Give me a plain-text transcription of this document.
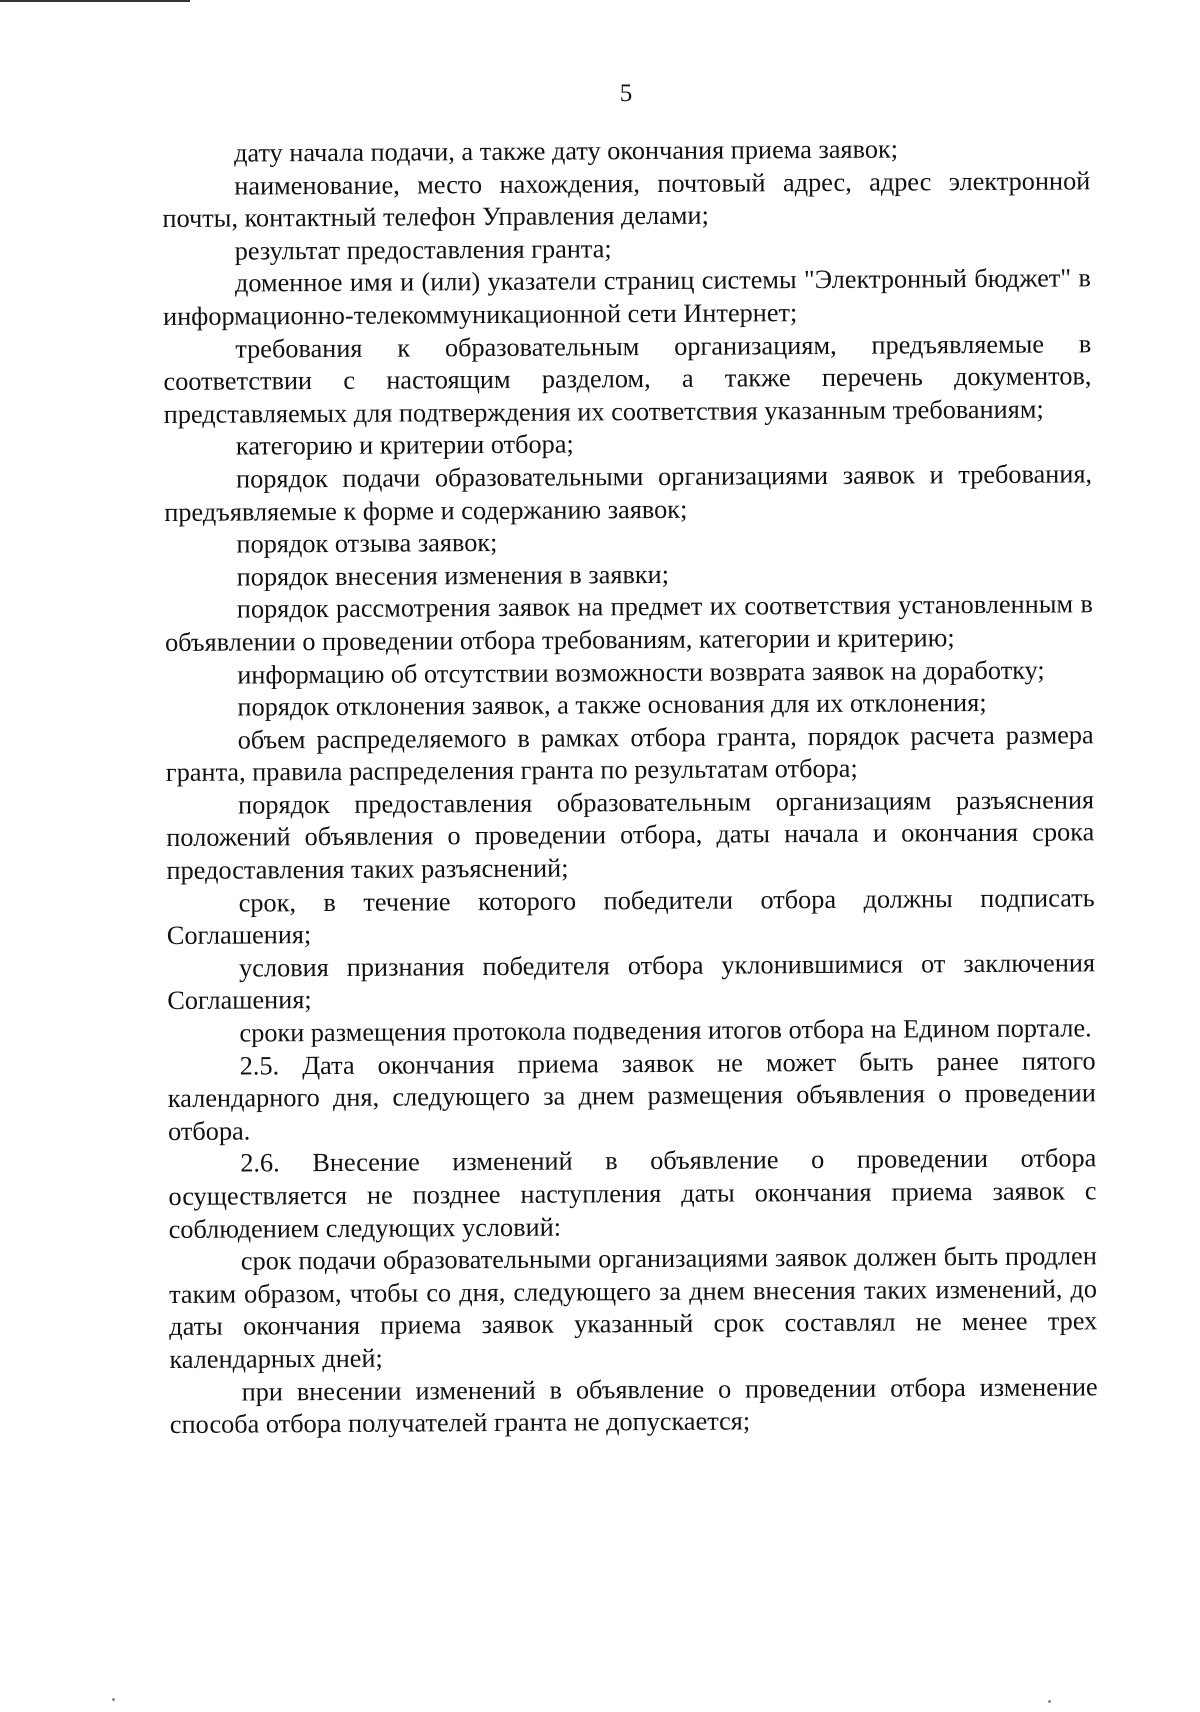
5

дату начала подачи, а также дату окончания приема заявок;

наименование, место нахождения, почтовый адрес, адрес электронной почты, контактный телефон Управления делами;

результат предоставления гранта;

доменное имя и (или) указатели страниц системы "Электронный бюджет" в информационно-телекоммуникационной сети Интернет;

требования к образовательным организациям, предъявляемые в соответствии с настоящим разделом, а также перечень документов, представляемых для подтверждения их соответствия указанным требованиям;

категорию и критерии отбора;

порядок подачи образовательными организациями заявок и требования, предъявляемые к форме и содержанию заявок;

порядок отзыва заявок;

порядок внесения изменения в заявки;

порядок рассмотрения заявок на предмет их соответствия установленным в объявлении о проведении отбора требованиям, категории и критерию;

информацию об отсутствии возможности возврата заявок на доработку;

порядок отклонения заявок, а также основания для их отклонения;

объем распределяемого в рамках отбора гранта, порядок расчета размера гранта, правила распределения гранта по результатам отбора;

порядок предоставления образовательным организациям разъяснения положений объявления о проведении отбора, даты начала и окончания срока предоставления таких разъяснений;

срок, в течение которого победители отбора должны подписать Соглашения;

условия признания победителя отбора уклонившимися от заключения Соглашения;

сроки размещения протокола подведения итогов отбора на Едином портале.

2.5. Дата окончания приема заявок не может быть ранее пятого календарного дня, следующего за днем размещения объявления о проведении отбора.

2.6. Внесение изменений в объявление о проведении отбора осуществляется не позднее наступления даты окончания приема заявок с соблюдением следующих условий:

срок подачи образовательными организациями заявок должен быть продлен таким образом, чтобы со дня, следующего за днем внесения таких изменений, до даты окончания приема заявок указанный срок составлял не менее трех календарных дней;

при внесении изменений в объявление о проведении отбора изменение способа отбора получателей гранта не допускается;
